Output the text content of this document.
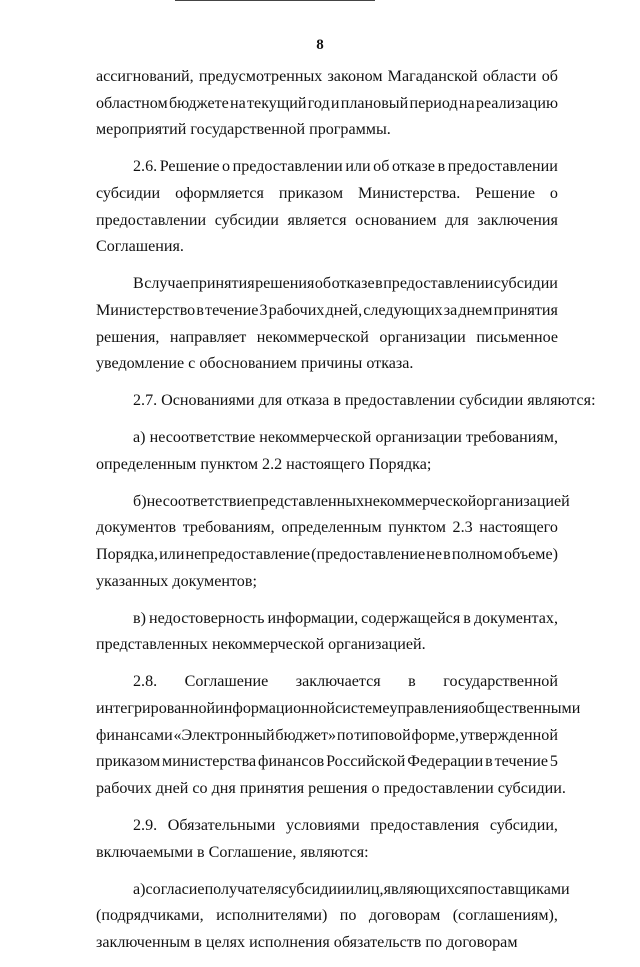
8
ассигнований, предусмотренных законом Магаданской области об
областном бюджете на текущий год и плановый период на реализацию
мероприятий государственной программы.
2.6. Решение о предоставлении или об отказе в предоставлении
субсидии оформляется приказом Министерства. Решение о
предоставлении субсидии является основанием для заключения
Соглашения.
В случае принятия решения об отказе в предоставлении субсидии
Министерство в течение 3 рабочих дней, следующих за днем принятия
решения, направляет некоммерческой организации письменное
уведомление с обоснованием причины отказа.
2.7. Основаниями для отказа в предоставлении субсидии являются:
а) несоответствие некоммерческой организации требованиям,
определенным пунктом 2.2 настоящего Порядка;
б) несоответствие представленных некоммерческой организацией
документов требованиям, определенным пунктом 2.3 настоящего
Порядка, или непредоставление (предоставление не в полном объеме)
указанных документов;
в) недостоверность информации, содержащейся в документах,
представленных некоммерческой организацией.
2.8. Соглашение заключается в государственной
интегрированной информационной системе управления общественными
финансами «Электронный бюджет» по типовой форме, утвержденной
приказом министерства финансов Российской Федерации в течение 5
рабочих дней со дня принятия решения о предоставлении субсидии.
2.9. Обязательными условиями предоставления субсидии,
включаемыми в Соглашение, являются:
а) согласие получателя субсидии и лиц, являющихся поставщиками
(подрядчиками, исполнителями) по договорам (соглашениям),
заключенным в целях исполнения обязательств по договорам
